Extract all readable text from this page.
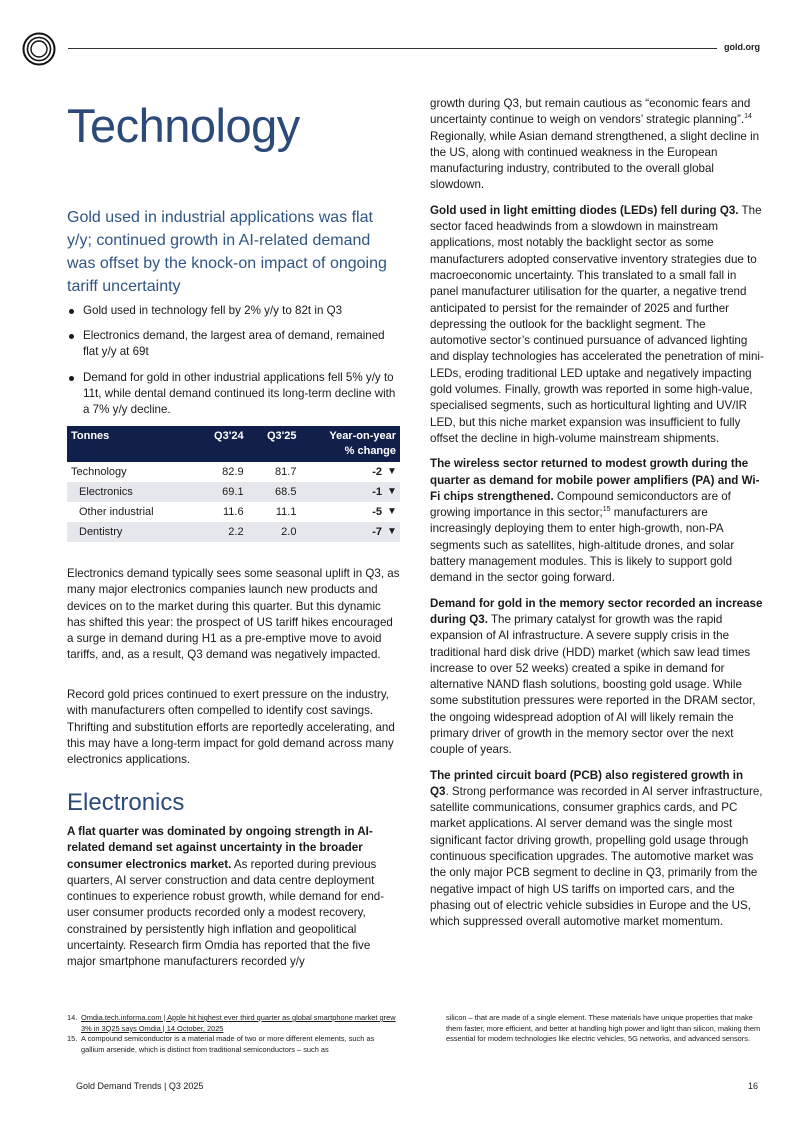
gold.org
Technology
Gold used in industrial applications was flat y/y; continued growth in AI-related demand was offset by the knock-on impact of ongoing tariff uncertainty
Gold used in technology fell by 2% y/y to 82t in Q3
Electronics demand, the largest area of demand, remained flat y/y at 69t
Demand for gold in other industrial applications fell 5% y/y to 11t, while dental demand continued its long-term decline with a 7% y/y decline.
Tonnes	Q3'24	Q3'25	Year-on-year
% change	
Technology	82.9	81.7	-2	▼
Electronics	69.1	68.5	-1	▼
Other industrial	11.6	11.1	-5	▼
Dentistry	2.2	2.0	-7	▼

Electronics demand typically sees some seasonal uplift in Q3, as many major electronics companies launch new products and devices on to the market during this quarter. But this dynamic has shifted this year: the prospect of US tariff hikes encouraged a surge in demand during H1 as a pre-emptive move to avoid tariffs, and, as a result, Q3 demand was negatively impacted.

Record gold prices continued to exert pressure on the industry, with manufacturers often compelled to identify cost savings. Thrifting and substitution efforts are reportedly accelerating, and this may have a long-term impact for gold demand across many electronics applications.

Electronics

A flat quarter was dominated by ongoing strength in AI-related demand set against uncertainty in the broader consumer electronics market. As reported during previous quarters, AI server construction and data centre deployment continues to experience robust growth, while demand for end-user consumer products recorded only a modest recovery, constrained by persistently high inflation and geopolitical uncertainty. Research firm Omdia has reported that the five major smartphone manufacturers recorded y/y

growth during Q3, but remain cautious as “economic fears and uncertainty continue to weigh on vendors’ strategic planning”.$^{14}$ Regionally, while Asian demand strengthened, a slight decline in the US, along with continued weakness in the European manufacturing industry, contributed to the overall global slowdown.

Gold used in light emitting diodes (LEDs) fell during Q3. The sector faced headwinds from a slowdown in mainstream applications, most notably the backlight sector as some manufacturers adopted conservative inventory strategies due to macroeconomic uncertainty. This translated to a small fall in panel manufacturer utilisation for the quarter, a negative trend anticipated to persist for the remainder of 2025 and further depressing the outlook for the backlight segment. The automotive sector’s continued pursuance of advanced lighting and display technologies has accelerated the penetration of mini-LEDs, eroding traditional LED uptake and negatively impacting gold volumes. Finally, growth was reported in some high-value, specialised segments, such as horticultural lighting and UV/IR LED, but this niche market expansion was insufficient to fully offset the decline in high-volume mainstream shipments.

The wireless sector returned to modest growth during the quarter as demand for mobile power amplifiers (PA) and Wi-Fi chips strengthened. Compound semiconductors are of growing importance in this sector;$^{15}$ manufacturers are increasingly deploying them to enter high-growth, non-PA segments such as satellites, high-altitude drones, and solar battery management modules. This is likely to support gold demand in the sector going forward.

Demand for gold in the memory sector recorded an increase during Q3. The primary catalyst for growth was the rapid expansion of AI infrastructure. A severe supply crisis in the traditional hard disk drive (HDD) market (which saw lead times increase to over 52 weeks) created a spike in demand for alternative NAND flash solutions, boosting gold usage. While some substitution pressures were reported in the DRAM sector, the ongoing widespread adoption of AI will likely remain the primary driver of growth in the memory sector over the next couple of years.

The printed circuit board (PCB) also registered growth in Q3. Strong performance was recorded in AI server infrastructure, satellite communications, consumer graphics cards, and PC market applications. AI server demand was the single most significant factor driving growth, propelling gold usage through continuous specification upgrades. The automotive market was the only major PCB segment to decline in Q3, primarily from the negative impact of high US tariffs on imported cars, and the phasing out of electric vehicle subsidies in Europe and the US, which suppressed overall automotive market momentum.

14. Omdia.tech.informa.com | Apple hit highest ever third quarter as global smartphone market grew 3% in 3Q25 says Omdia | 14 October, 2025
15. A compound semiconductor is a material made of two or more different elements, such as gallium arsenide, which is distinct from traditional semiconductors – such as
silicon – that are made of a single element. These materials have unique properties that make them faster, more efficient, and better at handling high power and light than silicon, making them essential for modern technologies like electric vehicles, 5G networks, and advanced sensors.
Gold Demand Trends | Q3 2025	16
